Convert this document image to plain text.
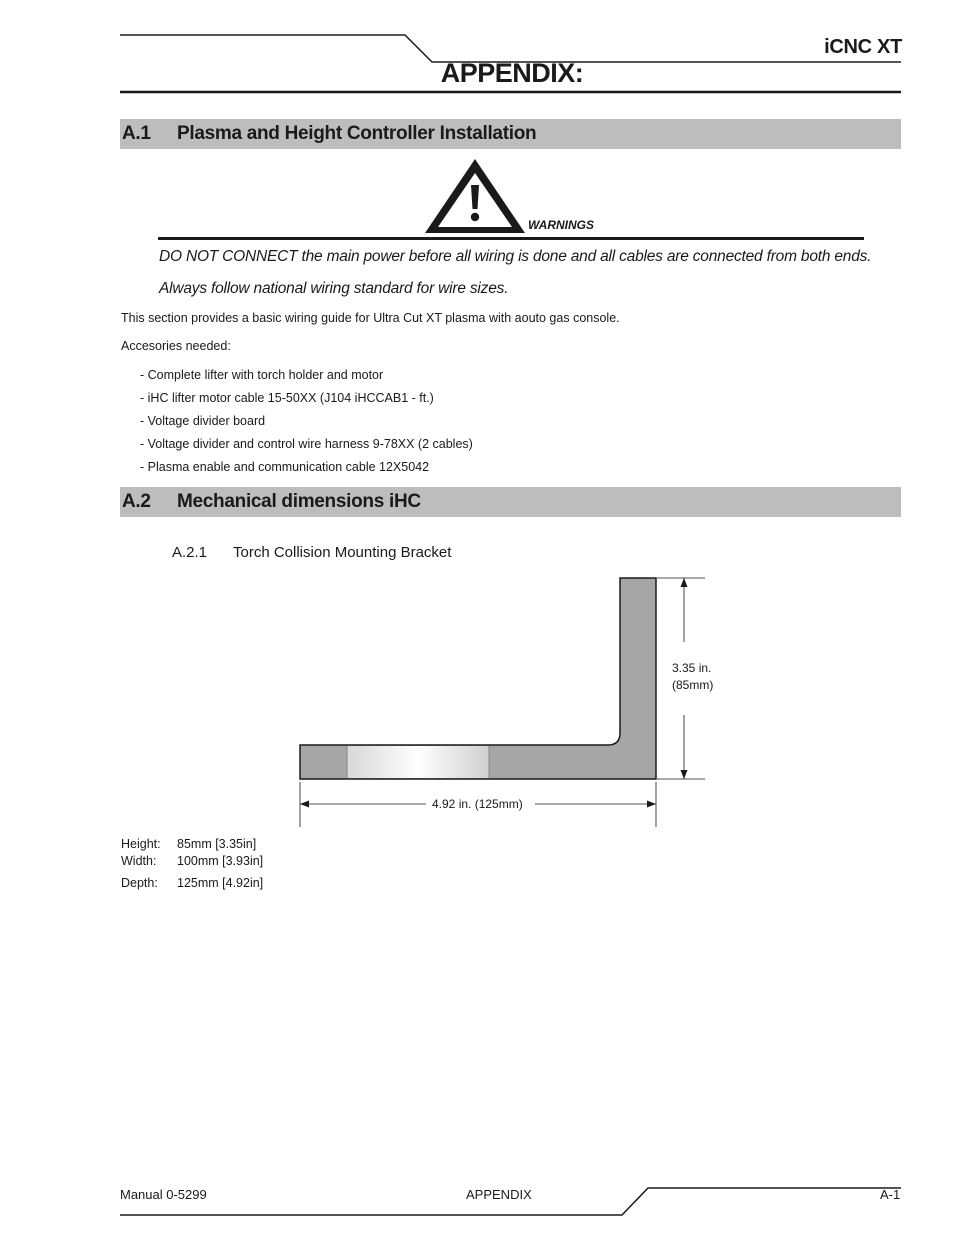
iCNC XT
APPENDIX:
A.1 Plasma and Height Controller Installation
WARNINGS
DO NOT CONNECT the main power before all wiring is done and all cables are connected from both ends.
Always follow national wiring standard for wire sizes.
This section provides a basic wiring guide for Ultra Cut XT plasma with aouto gas console.
Accesories needed:
- Complete lifter with torch holder and motor
- iHC lifter motor cable 15-50XX (J104 iHCCAB1 - ft.)
- Voltage divider board
- Voltage divider and control wire harness 9-78XX (2 cables)
- Plasma enable and communication cable 12X5042
A.2 Mechanical dimensions iHC
A.2.1 Torch Collision Mounting Bracket
3.35 in.
(85mm)
4.92 in. (125mm)
Height: 85mm [3.35in]
Width: 100mm [3.93in]
Depth: 125mm [4.92in]
Manual 0-5299	APPENDIX	A-1
